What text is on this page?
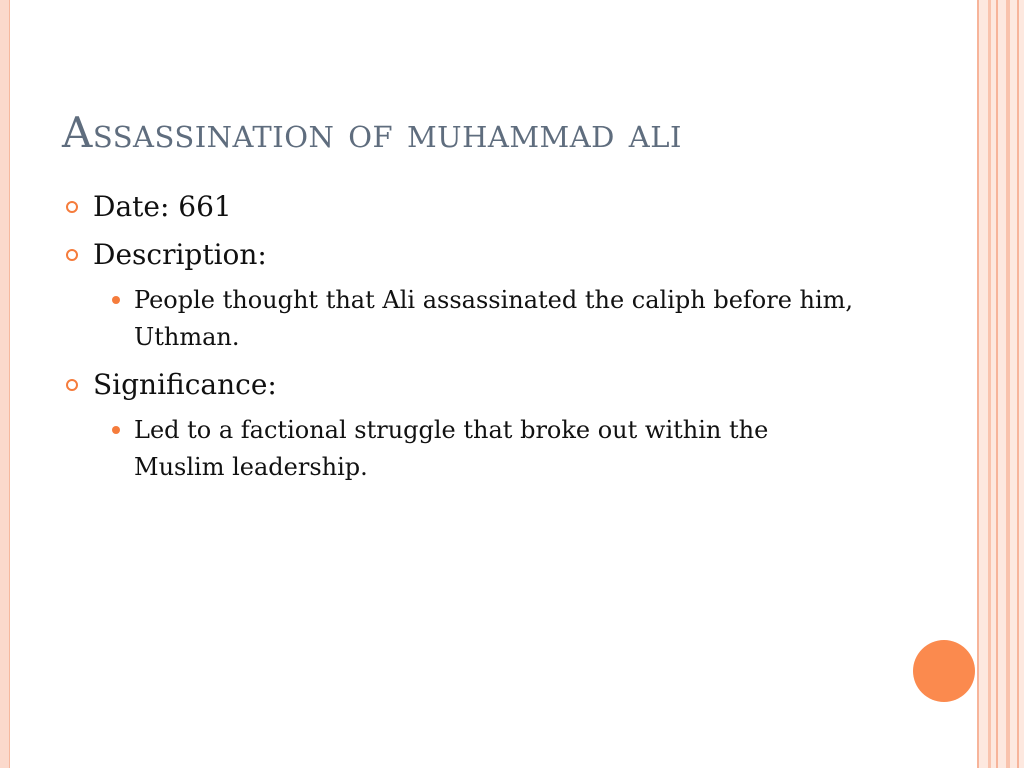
Assassination of muhammad ali
Date: 661
Description:
People thought that Ali assassinated the caliph before him, Uthman.
Significance:
Led to a factional struggle that broke out within the Muslim leadership.
